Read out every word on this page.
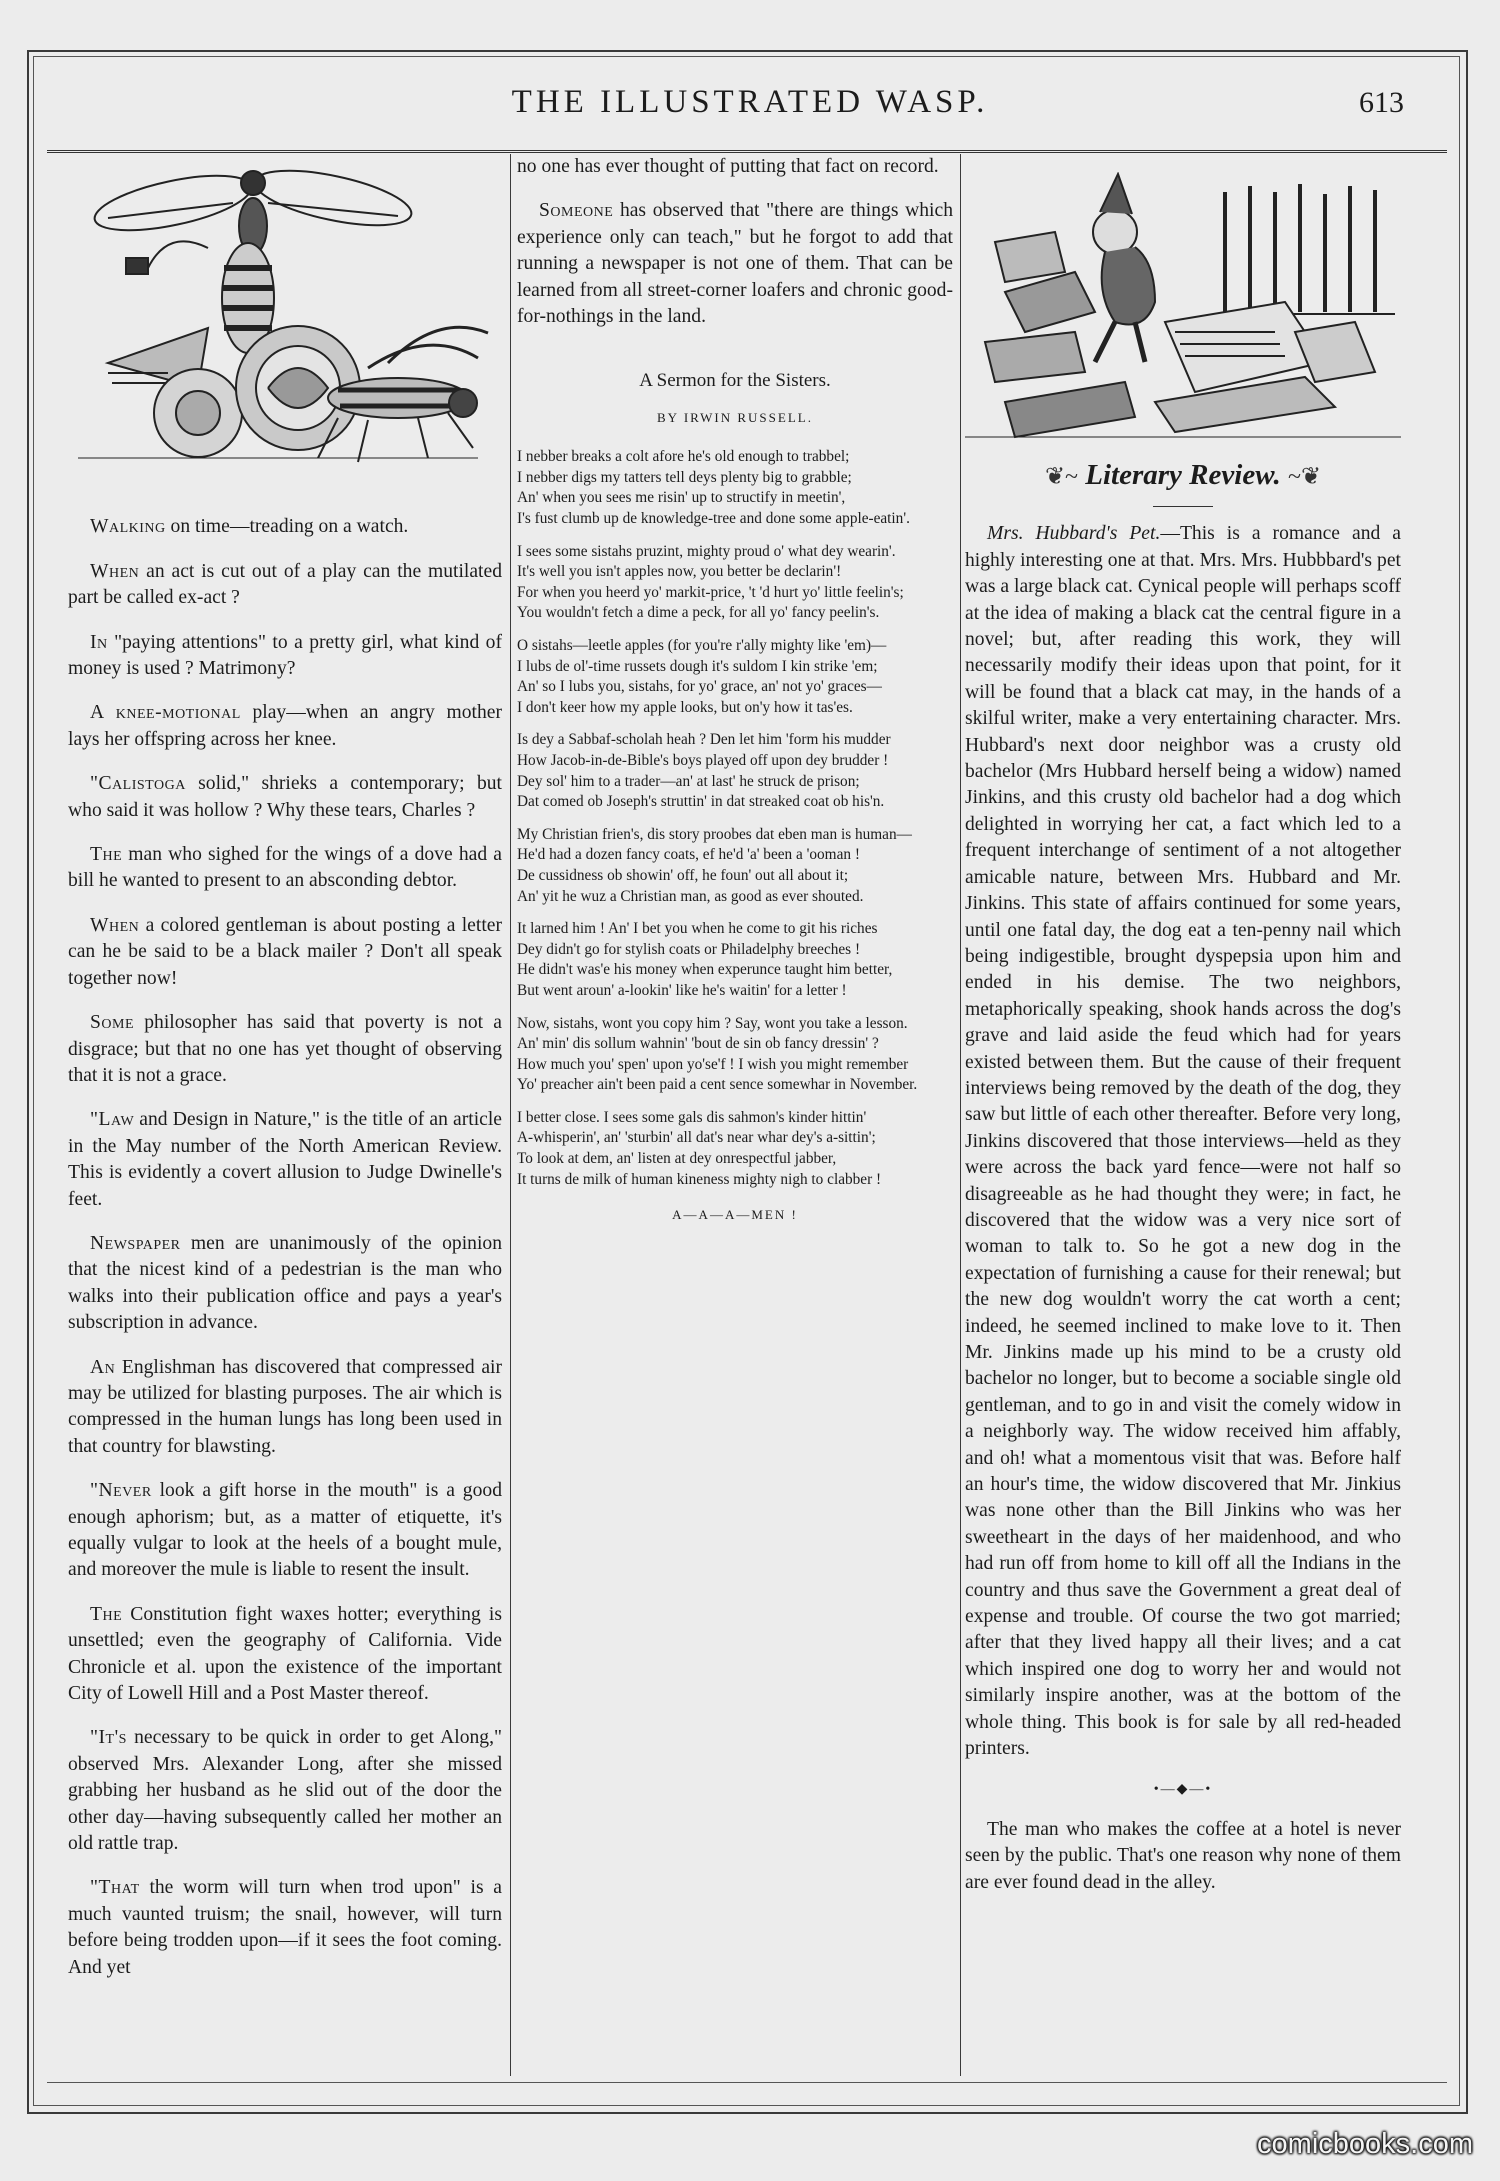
THE ILLUSTRATED WASP.	613

Walking on time—treading on a watch.

When an act is cut out of a play can the mutilated part be called ex-act ?

In "paying attentions" to a pretty girl, what kind of money is used ? Matrimony?

A knee-motional play—when an angry mother lays her offspring across her knee.

"Calistoga solid," shrieks a contemporary; but who said it was hollow ? Why these tears, Charles ?

The man who sighed for the wings of a dove had a bill he wanted to present to an absconding debtor.

When a colored gentleman is about posting a letter can he be said to be a black mailer ? Don't all speak together now!

Some philosopher has said that poverty is not a disgrace; but that no one has yet thought of observing that it is not a grace.

"Law and Design in Nature," is the title of an article in the May number of the North American Review. This is evidently a covert allusion to Judge Dwinelle's feet.

Newspaper men are unanimously of the opinion that the nicest kind of a pedestrian is the man who walks into their publication office and pays a year's subscription in advance.

An Englishman has discovered that compressed air may be utilized for blasting purposes. The air which is compressed in the human lungs has long been used in that country for blawsting.

"Never look a gift horse in the mouth" is a good enough aphorism; but, as a matter of etiquette, it's equally vulgar to look at the heels of a bought mule, and moreover the mule is liable to resent the insult.

The Constitution fight waxes hotter; everything is unsettled; even the geography of California. Vide Chronicle et al. upon the existence of the important City of Lowell Hill and a Post Master thereof.

"It's necessary to be quick in order to get Along," observed Mrs. Alexander Long, after she missed grabbing her husband as he slid out of the door the other day—having subsequently called her mother an old rattle trap.

"That the worm will turn when trod upon" is a much vaunted truism; the snail, however, will turn before being trodden upon—if it sees the foot coming. And yet

no one has ever thought of putting that fact on record.

Someone has observed that "there are things which experience only can teach," but he forgot to add that running a newspaper is not one of them. That can be learned from all street-corner loafers and chronic good-for-nothings in the land.

A Sermon for the Sisters.
BY IRWIN RUSSELL.
I nebber breaks a colt afore he's old enough to trabbel;
I nebber digs my tatters tell deys plenty big to grabble;
An' when you sees me risin' up to structify in meetin',
I's fust clumb up de knowledge-tree and done some apple-eatin'.
I sees some sistahs pruzint, mighty proud o' what dey wearin'.
It's well you isn't apples now, you better be declarin'!
For when you heerd yo' markit-price, 't 'd hurt yo' little feelin's;
You wouldn't fetch a dime a peck, for all yo' fancy peelin's.
O sistahs—leetle apples (for you're r'ally mighty like 'em)—
I lubs de ol'-time russets dough it's suldom I kin strike 'em;
An' so I lubs you, sistahs, for yo' grace, an' not yo' graces—
I don't keer how my apple looks, but on'y how it tas'es.
Is dey a Sabbaf-scholah heah ? Den let him 'form his mudder
How Jacob-in-de-Bible's boys played off upon dey brudder !
Dey sol' him to a trader—an' at last' he struck de prison;
Dat comed ob Joseph's struttin' in dat streaked coat ob his'n.
My Christian frien's, dis story proobes dat eben man is human—
He'd had a dozen fancy coats, ef he'd 'a' been a 'ooman !
De cussidness ob showin' off, he foun' out all about it;
An' yit he wuz a Christian man, as good as ever shouted.
It larned him ! An' I bet you when he come to git his riches
Dey didn't go for stylish coats or Philadelphy breeches !
He didn't was'e his money when experunce taught him better,
But went aroun' a-lookin' like he's waitin' for a letter !
Now, sistahs, wont you copy him ? Say, wont you take a lesson.
An' min' dis sollum wahnin' 'bout de sin ob fancy dressin' ?
How much you' spen' upon yo'se'f ! I wish you might remember
Yo' preacher ain't been paid a cent sence somewhar in November.
I better close. I sees some gals dis sahmon's kinder hittin'
A-whisperin', an' 'sturbin' all dat's near whar dey's a-sittin';
To look at dem, an' listen at dey onrespectful jabber,
It turns de milk of human kineness mighty nigh to clabber !
A—A—A—MEN !
❦~ Literary Review. ~❦

Mrs. Hubbard's Pet.—This is a romance and a highly interesting one at that. Mrs. Mrs. Hubbbard's pet was a large black cat. Cynical people will perhaps scoff at the idea of making a black cat the central figure in a novel; but, after reading this work, they will necessarily modify their ideas upon that point, for it will be found that a black cat may, in the hands of a skilful writer, make a very entertaining character. Mrs. Hubbard's next door neighbor was a crusty old bachelor (Mrs Hubbard herself being a widow) named Jinkins, and this crusty old bachelor had a dog which delighted in worrying her cat, a fact which led to a frequent interchange of sentiment of a not altogether amicable nature, between Mrs. Hubbard and Mr. Jinkins. This state of affairs continued for some years, until one fatal day, the dog eat a ten-penny nail which being indigestible, brought dyspepsia upon him and ended in his demise. The two neighbors, metaphorically speaking, shook hands across the dog's grave and laid aside the feud which had for years existed between them. But the cause of their frequent interviews being removed by the death of the dog, they saw but little of each other thereafter. Before very long, Jinkins discovered that those interviews—held as they were across the back yard fence—were not half so disagreeable as he had thought they were; in fact, he discovered that the widow was a very nice sort of woman to talk to. So he got a new dog in the expectation of furnishing a cause for their renewal; but the new dog wouldn't worry the cat worth a cent; indeed, he seemed inclined to make love to it. Then Mr. Jinkins made up his mind to be a crusty old bachelor no longer, but to become a sociable single old gentleman, and to go in and visit the comely widow in a neighborly way. The widow received him affably, and oh! what a momentous visit that was. Before half an hour's time, the widow discovered that Mr. Jinkius was none other than the Bill Jinkins who was her sweetheart in the days of her maidenhood, and who had run off from home to kill off all the Indians in the country and thus save the Government a great deal of expense and trouble. Of course the two got married; after that they lived happy all their lives; and a cat which inspired one dog to worry her and would not similarly inspire another, was at the bottom of the whole thing. This book is for sale by all red-headed printers.

•—◆—•

The man who makes the coffee at a hotel is never seen by the public. That's one reason why none of them are ever found dead in the alley.

comicbooks.com
